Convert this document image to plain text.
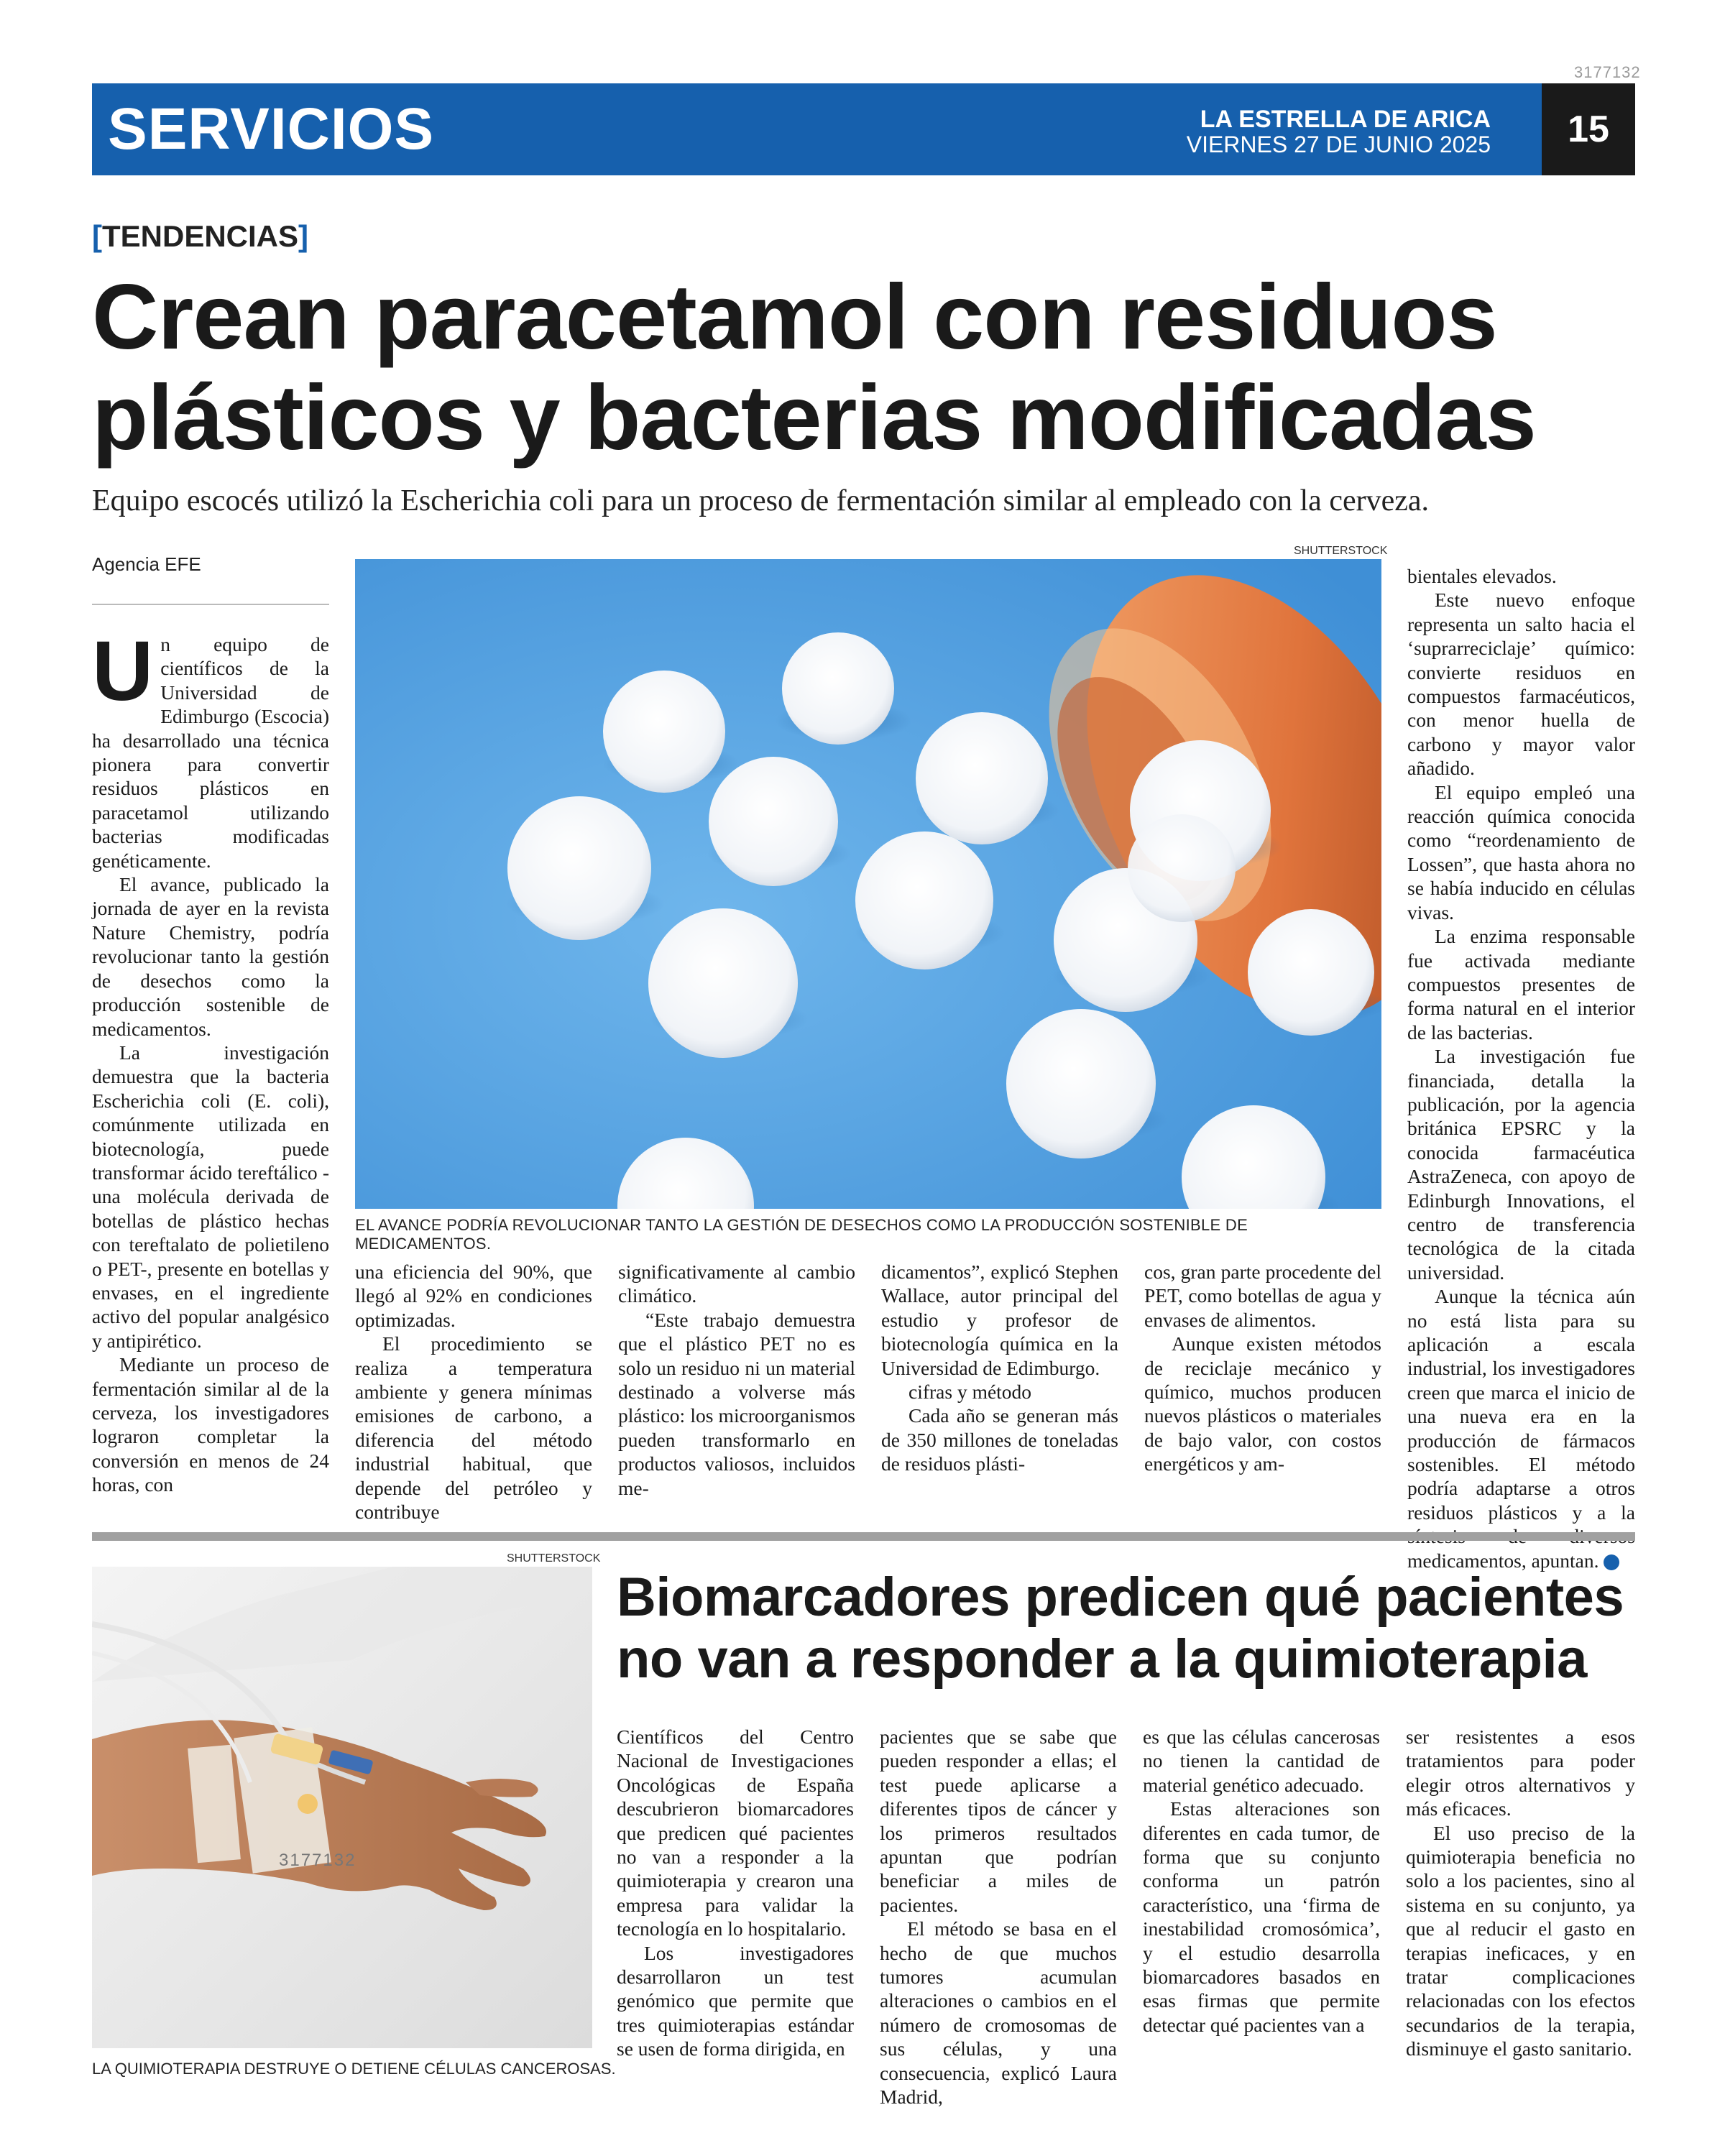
3177132
SERVICIOS	LA ESTRELLA DE ARICA
VIERNES 27 DE JUNIO 2025	15
[TENDENCIAS]
Crean paracetamol con residuos plásticos y bacterias modificadas
Equipo escocés utilizó la Escherichia coli para un proceso de fermentación similar al empleado con la cerveza.
Agencia EFE

Un equipo de científicos de la Universidad de Edimburgo (Escocia) ha desarrollado una técnica pionera para convertir residuos plásticos en paracetamol utilizando bacterias modificadas genéticamente.

El avance, publicado la jornada de ayer en la revista Nature Chemistry, podría revolucionar tanto la gestión de desechos como la producción sostenible de medicamentos.

La investigación demuestra que la bacteria Escherichia coli (E. coli), comúnmente utilizada en biotecnología, puede transformar ácido tereftálico -una molécula derivada de botellas de plástico hechas con tereftalato de polietileno o PET-, presente en botellas y envases, en el ingrediente activo del popular analgésico y antipirético.

Mediante un proceso de fermentación similar al de la cerveza, los investigadores lograron completar la conversión en menos de 24 horas, con

SHUTTERSTOCK
EL AVANCE PODRÍA REVOLUCIONAR TANTO LA GESTIÓN DE DESECHOS COMO LA PRODUCCIÓN SOSTENIBLE DE MEDICAMENTOS.

una eficiencia del 90%, que llegó al 92% en condiciones optimizadas.

El procedimiento se realiza a temperatura ambiente y genera mínimas emisiones de carbono, a diferencia del método industrial habitual, que depende del petróleo y contribuye

significativamente al cambio climático.

“Este trabajo demuestra que el plástico PET no es solo un residuo ni un material destinado a volverse más plástico: los microorganismos pueden transformarlo en productos valiosos, incluidos me-

dicamentos”, explicó Stephen Wallace, autor principal del estudio y profesor de biotecnología química en la Universidad de Edimburgo.

cifras y método

Cada año se generan más de 350 millones de toneladas de residuos plásti-

cos, gran parte procedente del PET, como botellas de agua y envases de alimentos.

Aunque existen métodos de reciclaje mecánico y químico, muchos producen nuevos plásticos o materiales de bajo valor, con costos energéticos y am-

bientales elevados.

Este nuevo enfoque representa un salto hacia el ‘suprarreciclaje’ químico: convierte residuos en compuestos farmacéuticos, con menor huella de carbono y mayor valor añadido.

El equipo empleó una reacción química conocida como “reordenamiento de Lossen”, que hasta ahora no se había inducido en células vivas.

La enzima responsable fue activada mediante compuestos presentes de forma natural en el interior de las bacterias.

La investigación fue financiada, detalla la publicación, por la agencia británica EPSRC y la conocida farmacéutica AstraZeneca, con apoyo de Edinburgh Innovations, el centro de transferencia tecnológica de la citada universidad.

Aunque la técnica aún no está lista para su aplicación a escala industrial, los investigadores creen que marca el inicio de una nueva era en la producción de fármacos sostenibles. El método podría adaptarse a otros residuos plásticos y a la medicamentos, apuntan.	✪

SHUTTERSTOCK
3177132
LA QUIMIOTERAPIA DESTRUYE O DETIENE CÉLULAS CANCEROSAS.
Biomarcadores predicen qué pacientes no van a responder a la quimioterapia

Científicos del Centro Nacional de Investigaciones Oncológicas de España descubrieron biomarcadores que predicen qué pacientes no van a responder a la quimioterapia y crearon una empresa para validar la tecnología en lo hospitalario.

Los investigadores desarrollaron un test genómico que permite que tres quimioterapias estándar se usen de forma dirigida, en

pacientes que se sabe que pueden responder a ellas; el test puede aplicarse a diferentes tipos de cáncer y los primeros resultados apuntan que podrían beneficiar a miles de pacientes.

El método se basa en el hecho de que muchos tumores acumulan alteraciones o cambios en el número de cromosomas de sus células, y una consecuencia, explicó Laura Madrid,

es que las células cancerosas no tienen la cantidad de material genético adecuado.

Estas alteraciones son diferentes en cada tumor, de forma que su conjunto conforma un patrón característico, una ‘firma de inestabilidad cromosómica’, y el estudio desarrolla biomarcadores basados en esas firmas que permite detectar qué pacientes van a

ser resistentes a esos tratamientos para poder elegir otros alternativos y más eficaces.

El uso preciso de la quimioterapia beneficia no solo a los pacientes, sino al sistema en su conjunto, ya que al reducir el gasto en terapias ineficaces, y en tratar complicaciones relacionadas con los efectos secundarios de la terapia, disminuye el gasto sanitario.
